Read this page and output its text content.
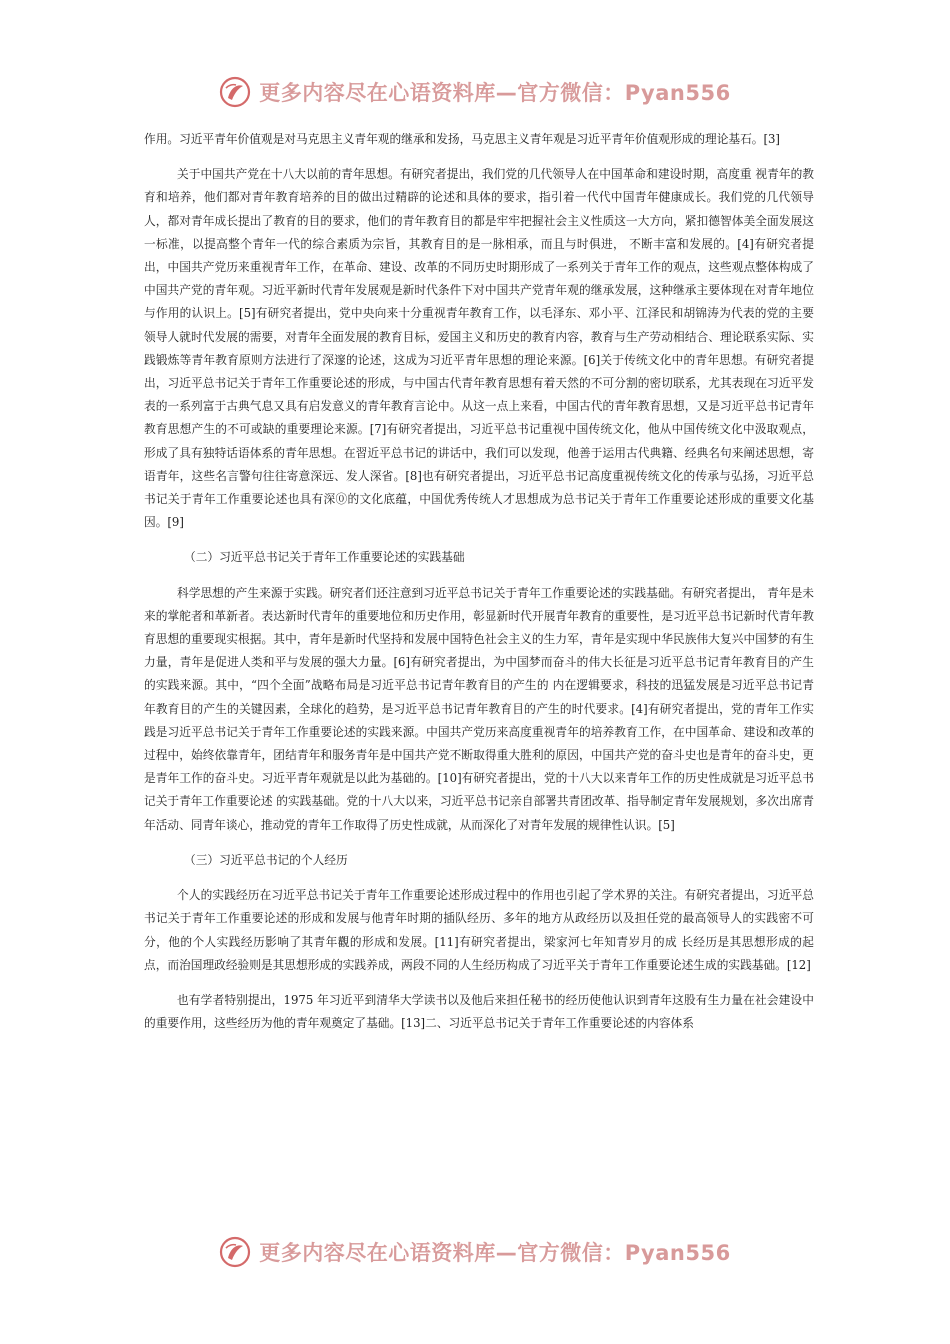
更多内容尽在心语资料库—官方微信：Pyan556

作用。习近平青年价值观是对马克思主义青年观的继承和发扬，马克思主义青年观是习近平青年价值观形成的理论基石。[3]

关于中国共产党在十八大以前的青年思想。有研究者提出，我们党的几代领导人在中国革命和建设时期，高度重 视青年的教育和培养，他们都对青年教育培养的目的做出过精辟的论述和具体的要求，指引着一代代中国青年健康成长。我们党的几代领导人，都对青年成长提出了教育的目的要求，他们的青年教育目的都是牢牢把握社会主义性质这一大方向，紧扣德智体美全面发展这一标准，以提高整个青年一代的综合素质为宗旨，其教育目的是一脉相承，而且与时俱进， 不断丰富和发展的。[4]有研究者提出，中国共产党历来重视青年工作，在革命、建设、改革的不同历史时期形成了一系列关于青年工作的观点，这些观点整体构成了中国共产党的青年观。习近平新时代青年发展观是新时代条件下对中国共产党青年观的继承发展，这种继承主要体现在对青年地位与作用的认识上。[5]有研究者提出，党中央向来十分重视青年教育工作，以毛泽东、邓小平、江泽民和胡锦涛为代表的党的主要领导人就时代发展的需要，对青年全面发展的教育目标，爱国主义和历史的教育内容，教育与生产劳动相结合、理论联系实际、实践锻炼等青年教育原则方法进行了深邃的论述，这成为习近平青年思想的理论来源。[6]关于传统文化中的青年思想。有研究者提出，习近平总书记关于青年工作重要论述的形成，与中国古代青年教育思想有着天然的不可分割的密切联系，尤其表现在习近平发表的一系列富于古典气息又具有启发意义的青年教育言论中。从这一点上来看，中国古代的青年教育思想，又是习近平总书记青年教育思想产生的不可或缺的重要理论来源。[7]有研究者提出，习近平总书记重视中国传统文化，他从中国传统文化中汲取观点， 形成了具有独特话语体系的青年思想。在習近平总书记的讲话中，我们可以发现，他善于运用古代典籍、经典名句来阐述思想，寄语青年，这些名言警句往往寄意深远、发人深省。[8]也有研究者提出，习近平总书记高度重视传统文化的传承与弘扬，习近平总书记关于青年工作重要论述也具有深⓪的文化底蕴，中国优秀传统人才思想成为总书记关于青年工作重要论述形成的重要文化基因。[9]

（二）习近平总书记关于青年工作重要论述的实践基础

科学思想的产生来源于实践。研究者们还注意到习近平总书记关于青年工作重要论述的实践基础。有研究者提出， 青年是未来的掌舵者和革新者。表达新时代青年的重要地位和历史作用，彰显新时代开展青年教育的重要性，是习近平总书记新时代青年教育思想的重要现实根据。其中，青年是新时代坚持和发展中国特色社会主义的生力军，青年是实现中华民族伟大复兴中国梦的有生力量，青年是促进人类和平与发展的强大力量。[6]有研究者提出，为中国梦而奋斗的伟大长征是习近平总书记青年教育目的产生的实践来源。其中，“四个全面”战略布局是习近平总书记青年教育目的产生的 内在逻辑要求，科技的迅猛发展是习近平总书记青年教育目的产生的关键因素，全球化的趋势，是习近平总书记青年教育目的产生的时代要求。[4]有研究者提出，党的青年工作实践是习近平总书记关于青年工作重要论述的实践来源。中国共产党历来高度重视青年的培养教育工作，在中国革命、建设和改革的过程中，始终依靠青年，团结青年和服务青年是中国共产党不断取得重大胜利的原因，中国共产党的奋斗史也是青年的奋斗史，更是青年工作的奋斗史。习近平青年观就是以此为基础的。[10]有研究者提出，党的十八大以来青年工作的历史性成就是习近平总书记关于青年工作重要论述 的实践基础。党的十八大以来，习近平总书记亲自部署共青团改革、指导制定青年发展规划，多次出席青年活动、同青年谈心，推动党的青年工作取得了历史性成就，从而深化了对青年发展的规律性认识。[5]

（三）习近平总书记的个人经历

个人的实践经历在习近平总书记关于青年工作重要论述形成过程中的作用也引起了学术界的关注。有研究者提出，习近平总书记关于青年工作重要论述的形成和发展与他青年时期的插队经历、多年的地方从政经历以及担任党的最高领导人的实践密不可分，他的个人实践经历影响了其青年觀的形成和发展。[11]有研究者提出，梁家河七年知青岁月的成 长经历是其思想形成的起点，而治国理政经验则是其思想形成的实践养成，两段不同的人生经历构成了习近平关于青年工作重要论述生成的实践基础。[12]

也有学者特别提出，1975 年习近平到清华大学读书以及他后来担任秘书的经历使他认识到青年这股有生力量在社会建设中的重要作用，这些经历为他的青年观奠定了基础。[13]二、习近平总书记关于青年工作重要论述的内容体系

更多内容尽在心语资料库—官方微信：Pyan556
